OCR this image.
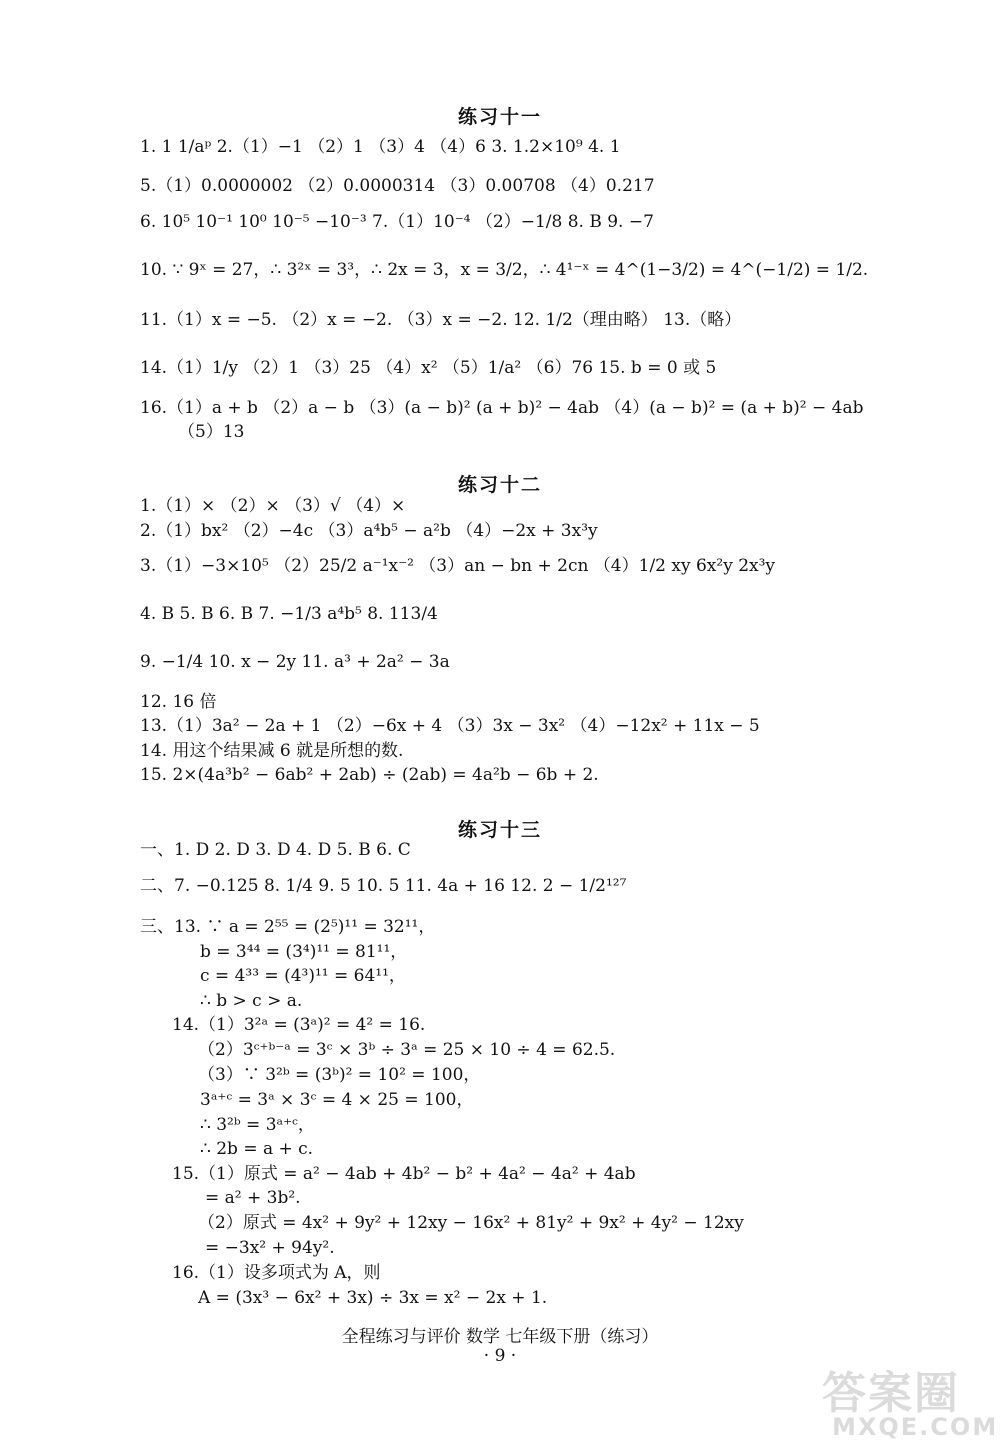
练习十一
1. 1 1/aᵖ 2.（1）−1 （2）1 （3）4 （4）6 3. 1.2×10⁹ 4. 1
5.（1）0.0000002 （2）0.0000314 （3）0.00708 （4）0.217
6. 10⁵ 10⁻¹ 10⁰ 10⁻⁵ −10⁻³ 7.（1）10⁻⁴ （2）−1/8 8. B 9. −7
10. ∵ 9ˣ = 27，∴ 3²ˣ = 3³，∴ 2x = 3，x = 3/2，∴ 4¹⁻ˣ = 4^(1−3/2) = 4^(−1/2) = 1/2.
11.（1）x = −5. （2）x = −2. （3）x = −2. 12. 1/2（理由略） 13.（略）
14.（1）1/y （2）1 （3）25 （4）x² （5）1/a² （6）76 15. b = 0 或 5
16.（1）a + b （2）a − b （3）(a − b)² (a + b)² − 4ab （4）(a − b)² = (a + b)² − 4ab
（5）13
练习十二
1.（1）× （2）× （3）√ （4）×
2.（1）bx² （2）−4c （3）a⁴b⁵ − a²b （4）−2x + 3x³y
3.（1）−3×10⁵ （2）25/2 a⁻¹x⁻² （3）an − bn + 2cn （4）1/2 xy 6x²y 2x³y
4. B 5. B 6. B 7. −1/3 a⁴b⁵ 8. 113/4
9. −1/4 10. x − 2y 11. a³ + 2a² − 3a
12. 16 倍
13.（1）3a² − 2a + 1 （2）−6x + 4 （3）3x − 3x² （4）−12x² + 11x − 5
14. 用这个结果减 6 就是所想的数.
15. 2×(4a³b² − 6ab² + 2ab) ÷ (2ab) = 4a²b − 6b + 2.
练习十三
一、1. D 2. D 3. D 4. D 5. B 6. C
二、7. −0.125 8. 1/4 9. 5 10. 5 11. 4a + 16 12. 2 − 1/2¹²⁷
三、13. ∵ a = 2⁵⁵ = (2⁵)¹¹ = 32¹¹，
b = 3⁴⁴ = (3⁴)¹¹ = 81¹¹，
c = 4³³ = (4³)¹¹ = 64¹¹，
∴ b > c > a.
14.（1）3²ᵃ = (3ᵃ)² = 4² = 16.
（2）3ᶜ⁺ᵇ⁻ᵃ = 3ᶜ × 3ᵇ ÷ 3ᵃ = 25 × 10 ÷ 4 = 62.5.
（3）∵ 3²ᵇ = (3ᵇ)² = 10² = 100，
3ᵃ⁺ᶜ = 3ᵃ × 3ᶜ = 4 × 25 = 100，
∴ 3²ᵇ = 3ᵃ⁺ᶜ，
∴ 2b = a + c.
15.（1）原式 = a² − 4ab + 4b² − b² + 4a² − 4a² + 4ab
= a² + 3b².
（2）原式 = 4x² + 9y² + 12xy − 16x² + 81y² + 9x² + 4y² − 12xy
= −3x² + 94y².
16.（1）设多项式为 A，则
A = (3x³ − 6x² + 3x) ÷ 3x = x² − 2x + 1.
全程练习与评价 数学 七年级下册（练习）
· 9 ·
答案圈
MXQE.COM
